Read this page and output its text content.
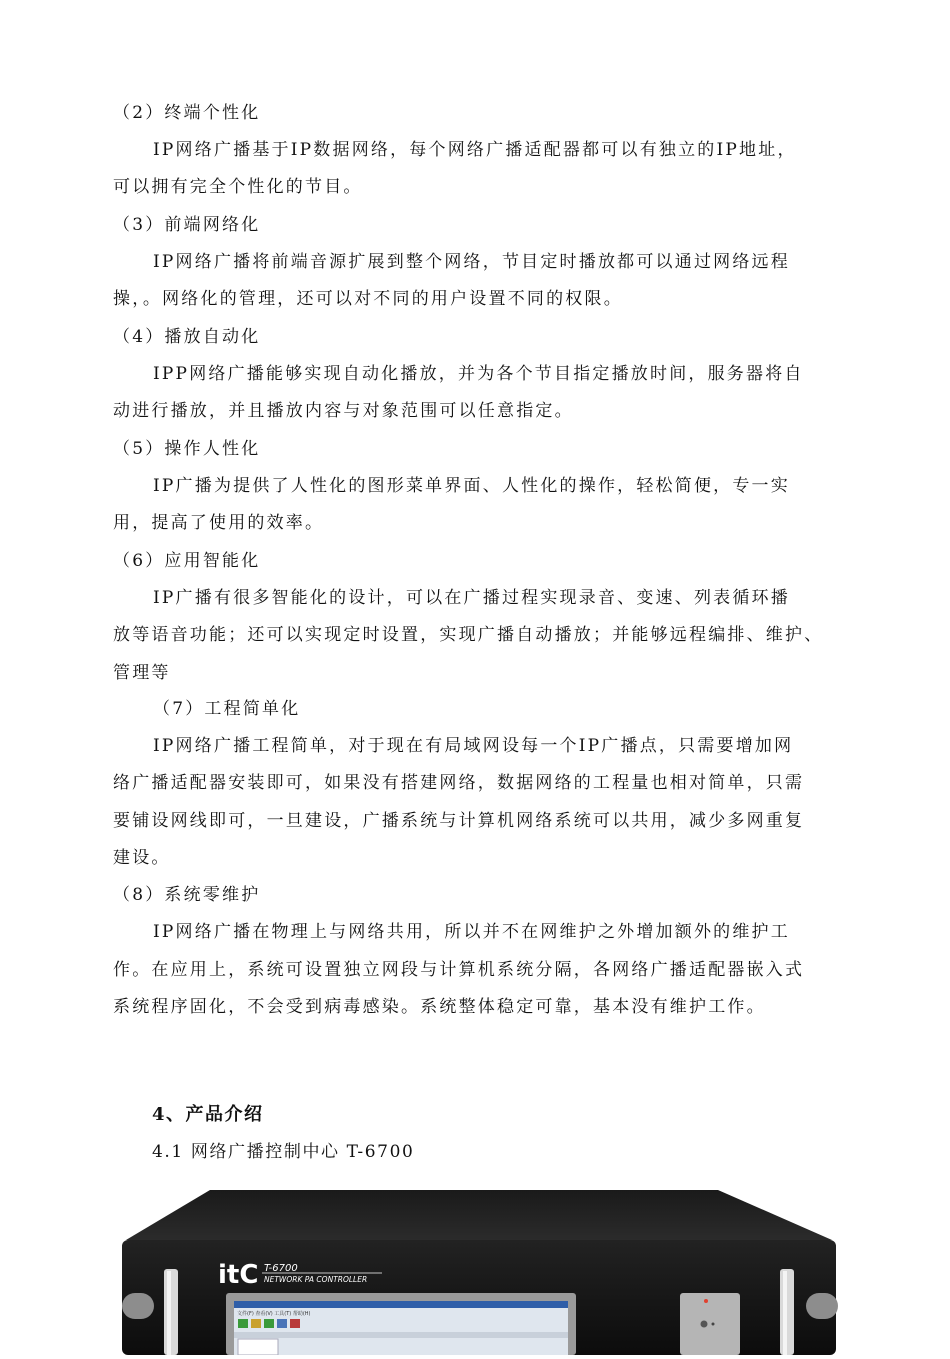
（2）终端个性化
IP网络广播基于IP数据网络，每个网络广播适配器都可以有独立的IP地址，
可以拥有完全个性化的节目。
（3）前端网络化
IP网络广播将前端音源扩展到整个网络，节目定时播放都可以通过网络远程
操，。网络化的管理，还可以对不同的用户设置不同的权限。
（4）播放自动化
IPP网络广播能够实现自动化播放，并为各个节目指定播放时间，服务器将自
动进行播放，并且播放内容与对象范围可以任意指定。
（5）操作人性化
IP广播为提供了人性化的图形菜单界面、人性化的操作，轻松简便，专一实
用，提高了使用的效率。
（6）应用智能化
IP广播有很多智能化的设计，可以在广播过程实现录音、变速、列表循环播
放等语音功能；还可以实现定时设置，实现广播自动播放；并能够远程编排、维护、
管理等
（7）工程简单化
IP网络广播工程简单，对于现在有局域网设每一个IP广播点，只需要增加网
络广播适配器安装即可，如果没有搭建网络，数据网络的工程量也相对简单，只需
要铺设网线即可，一旦建设，广播系统与计算机网络系统可以共用，减少多网重复
建设。
（8）系统零维护
IP网络广播在物理上与网络共用，所以并不在网维护之外增加额外的维护工
作。在应用上，系统可设置独立网段与计算机系统分隔，各网络广播适配器嵌入式
系统程序固化，不会受到病毒感染。系统整体稳定可靠，基本没有维护工作。
4、产品介绍
4.1 网络广播控制中心 T-6700
itC T-6700
NETWORK PA CONTROLLER
文件(F) 查看(V) 工具(T) 帮助(H)
